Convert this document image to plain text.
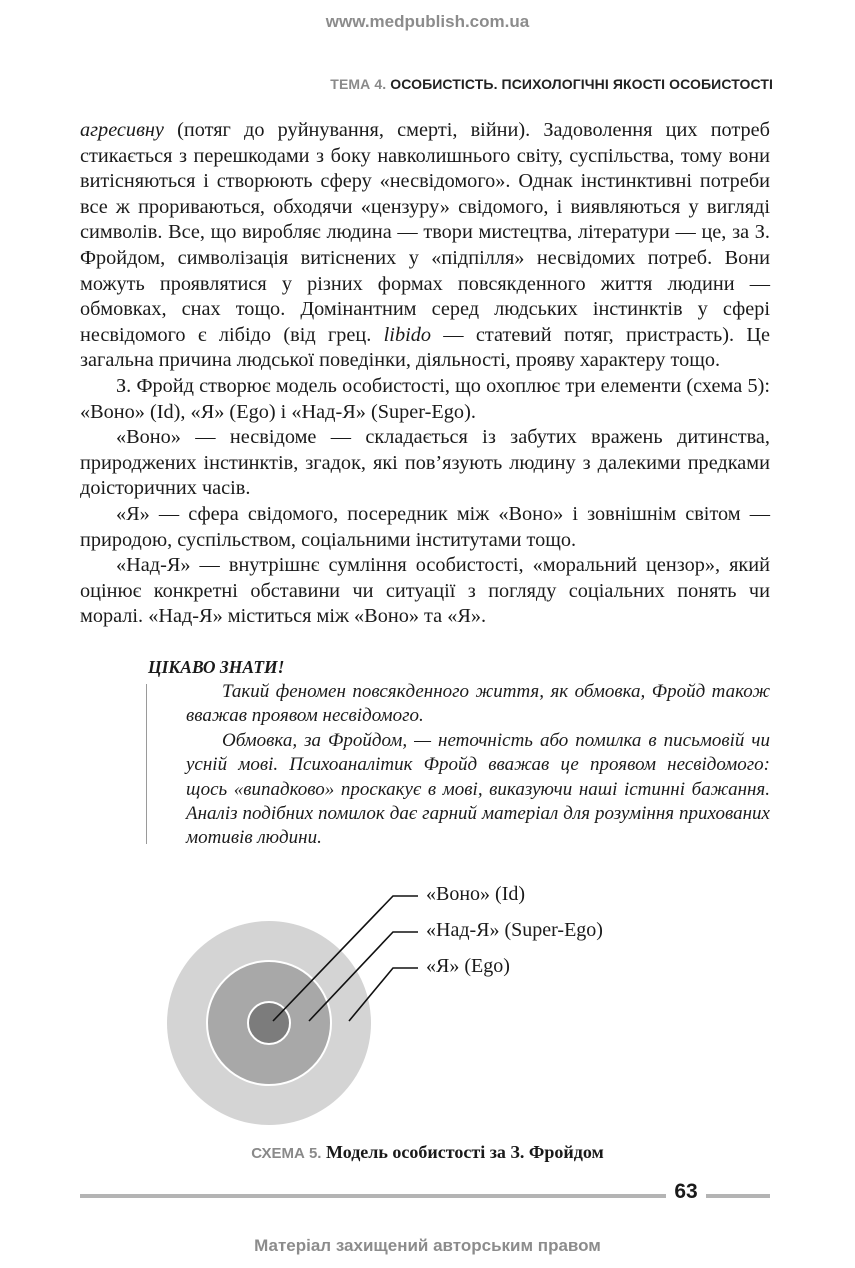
www.medpublish.com.ua
ТЕМА 4. ОСОБИСТІСТЬ. ПСИХОЛОГІЧНІ ЯКОСТІ ОСОБИСТОСТІ

агресивну (потяг до руйнування, смерті, війни). Задоволення цих потреб стикається з перешкодами з боку навколишнього світу, суспільства, тому вони витісняються і створюють сферу «несвідомого». Однак інстинктивні потреби все ж прориваються, обходячи «цензуру» свідомого, і виявляються у вигляді символів. Все, що виробляє людина — твори мистецтва, літератури — це, за З. Фройдом, символізація витіснених у «підпілля» несвідомих потреб. Вони можуть проявлятися у різних формах повсякденного життя людини — обмовках, снах тощо. Домінантним серед людських інстинктів у сфері несвідомого є лібідо (від грец. libido — статевий потяг, пристрасть). Це загальна причина людської поведінки, діяльності, прояву характеру тощо.

З. Фройд створює модель особистості, що охоплює три елементи (схема 5): «Воно» (Id), «Я» (Ego) і «Над-Я» (Super-Ego).

«Воно» — несвідоме — складається із забутих вражень дитинства, природжених інстинктів, згадок, які пов’язують людину з далекими предками доісторичних часів.

«Я» — сфера свідомого, посередник між «Воно» і зовнішнім світом — природою, суспільством, соціальними інститутами тощо.

«Над-Я» — внутрішнє сумління особистості, «моральний цензор», який оцінює конкретні обставини чи ситуації з погляду соціальних понять чи моралі. «Над-Я» міститься між «Воно» та «Я».

ЦІКАВО ЗНАТИ!

Такий феномен повсякденного життя, як обмовка, Фройд також вважав проявом несвідомого.

Обмовка, за Фройдом, — неточність або помилка в письмовій чи усній мові. Психоаналітик Фройд вважав це проявом несвідомого: щось «випадково» проскакує в мові, виказуючи наші істинні бажання. Аналіз подібних помилок дає гарний матеріал для розуміння прихованих мотивів людини.

«Воно» (Id)
«Над-Я» (Super-Ego)
«Я» (Ego)
СХЕМА 5. Модель особистості за З. Фройдом
63
Матеріал захищений авторським правом
